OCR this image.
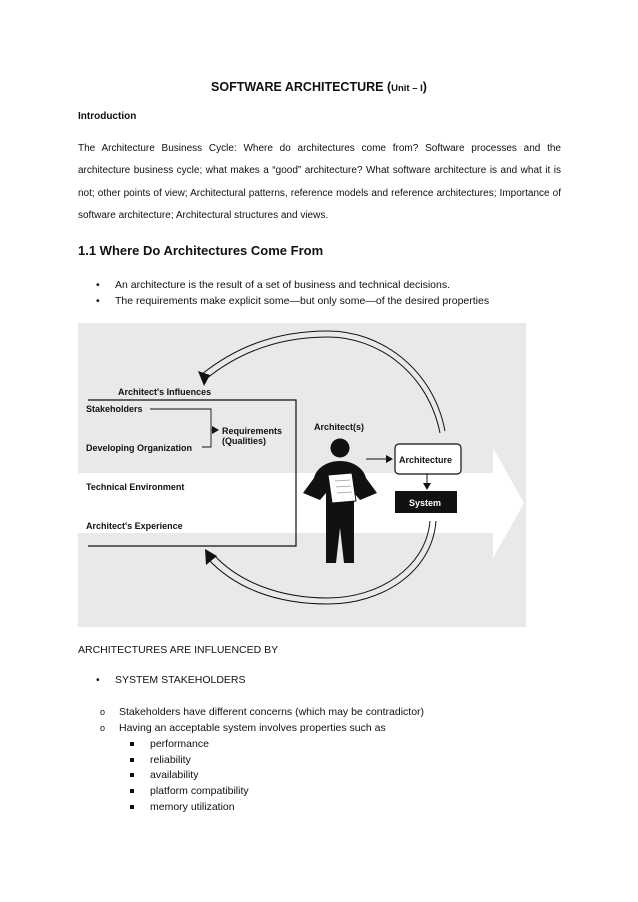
SOFTWARE ARCHITECTURE (Unit – I)
Introduction
The Architecture Business Cycle: Where do architectures come from? Software processes and the architecture business cycle; what makes a “good” architecture? What software architecture is and what it is not; other points of view; Architectural patterns, reference models and reference architectures; Importance of software architecture; Architectural structures and views.
1.1 Where Do Architectures Come From
• An architecture is the result of a set of business and technical decisions.
• The requirements make explicit some—but only some—of the desired properties
Architect's Influences
Stakeholders
Developing Organization
Technical Environment
Architect's Experience
Requirements
(Qualities)
Architect(s)
Architecture
System
ARCHITECTURES ARE INFLUENCED BY
• SYSTEM STAKEHOLDERS
o Stakeholders have different concerns (which may be contradictor)
o Having an acceptable system involves properties such as
performance
reliability
availability
platform compatibility
memory utilization
